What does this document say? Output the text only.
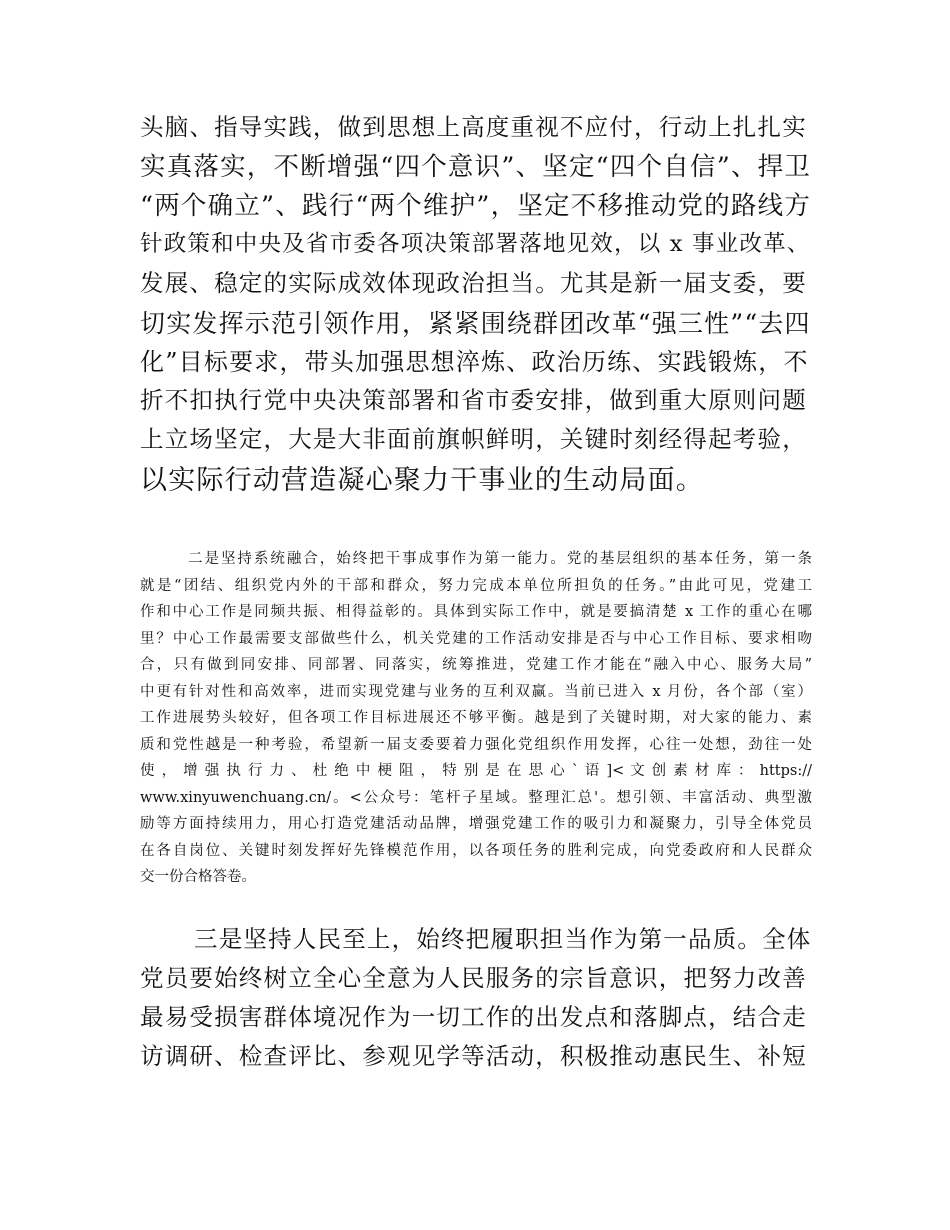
头脑、指导实践，做到思想上高度重视不应付，行动上扎扎实
实真落实，不断增强“四个意识”、坚定“四个自信”、捍卫
“两个确立”、践行“两个维护”，坚定不移推动党的路线方
针政策和中央及省市委各项决策部署落地见效，以 x 事业改革、
发展、稳定的实际成效体现政治担当。尤其是新一届支委，要
切实发挥示范引领作用，紧紧围绕群团改革“强三性”“去四
化”目标要求，带头加强思想淬炼、政治历练、实践锻炼，不
折不扣执行党中央决策部署和省市委安排，做到重大原则问题
上立场坚定，大是大非面前旗帜鲜明，关键时刻经得起考验，
以实际行动营造凝心聚力干事业的生动局面。
二是坚持系统融合，始终把干事成事作为第一能力。党的基层组织的基本任务，第一条
就是“团结、组织党内外的干部和群众，努力完成本单位所担负的任务。”由此可见，党建工
作和中心工作是同频共振、相得益彰的。具体到实际工作中，就是要搞清楚 x 工作的重心在哪
里？中心工作最需要支部做些什么，机关党建的工作活动安排是否与中心工作目标、要求相吻
合，只有做到同安排、同部署、同落实，统筹推进，党建工作才能在“融入中心、服务大局”
中更有针对性和高效率，进而实现党建与业务的互利双赢。当前已进入 x 月份，各个部（室）
工作进展势头较好，但各项工作目标进展还不够平衡。越是到了关键时期，对大家的能力、素
质和党性越是一种考验，希望新一届支委要着力强化党组织作用发挥，心往一处想，劲往一处
使 ， 增 强 执 行 力 、 杜 绝 中 梗 阻 ， 特 别 是 在 思 心 ` 语 ]< 文 创 素 材 库 ： https://
www.xinyuwenchuang.cn/。<公众号：笔杆子星域。整理汇总'。想引领、丰富活动、典型激
励等方面持续用力，用心打造党建活动品牌，增强党建工作的吸引力和凝聚力，引导全体党员
在各自岗位、关键时刻发挥好先锋模范作用，以各项任务的胜利完成，向党委政府和人民群众
交一份合格答卷。
三是坚持人民至上，始终把履职担当作为第一品质。全体
党员要始终树立全心全意为人民服务的宗旨意识，把努力改善
最易受损害群体境况作为一切工作的出发点和落脚点，结合走
访调研、检查评比、参观见学等活动，积极推动惠民生、补短
